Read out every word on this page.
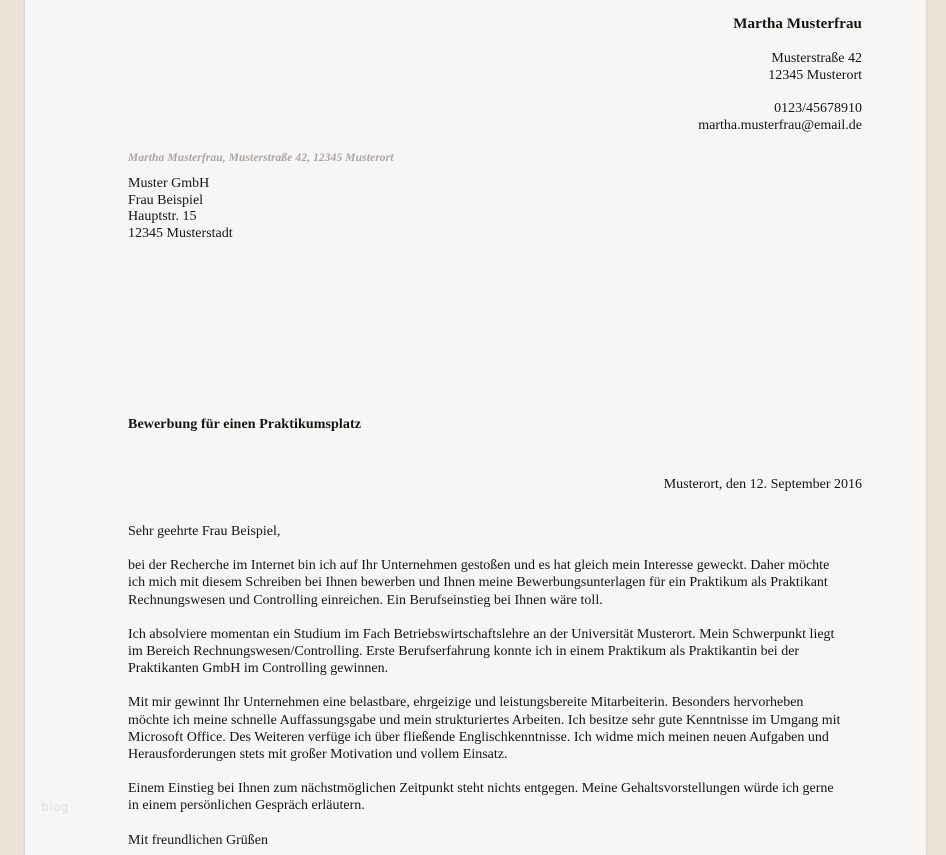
blog
Martha Musterfrau
Musterstraße 42
12345 Musterort
0123/45678910
martha.musterfrau@email.de
Martha Musterfrau, Musterstraße 42, 12345 Musterort
Muster GmbH
Frau Beispiel
Hauptstr. 15
12345 Musterstadt
Bewerbung für einen Praktikumsplatz
Musterort, den 12. September 2016

Sehr geehrte Frau Beispiel,

bei der Recherche im Internet bin ich auf Ihr Unternehmen gestoßen und es hat gleich mein Interesse geweckt. Daher möchte ich mich mit diesem Schreiben bei Ihnen bewerben und Ihnen meine Bewerbungsunterlagen für ein Praktikum als Praktikant Rechnungswesen und Controlling einreichen. Ein Berufseinstieg bei Ihnen wäre toll.

Ich absolviere momentan ein Studium im Fach Betriebswirtschaftslehre an der Universität Musterort. Mein Schwerpunkt liegt im Bereich Rechnungswesen/Controlling. Erste Berufserfahrung konnte ich in einem Praktikum als Praktikantin bei der Praktikanten GmbH im Controlling gewinnen.

Mit mir gewinnt Ihr Unternehmen eine belastbare, ehrgeizige und leistungsbereite Mitarbeiterin. Besonders hervorheben möchte ich meine schnelle Auffassungsgabe und mein strukturiertes Arbeiten. Ich besitze sehr gute Kenntnisse im Umgang mit Microsoft Office. Des Weiteren verfüge ich über fließende Englischkenntnisse. Ich widme mich meinen neuen Aufgaben und Herausforderungen stets mit großer Motivation und vollem Einsatz.

Einem Einstieg bei Ihnen zum nächstmöglichen Zeitpunkt steht nichts entgegen. Meine Gehaltsvorstellungen würde ich gerne in einem persönlichen Gespräch erläutern.

Mit freundlichen Grüßen
